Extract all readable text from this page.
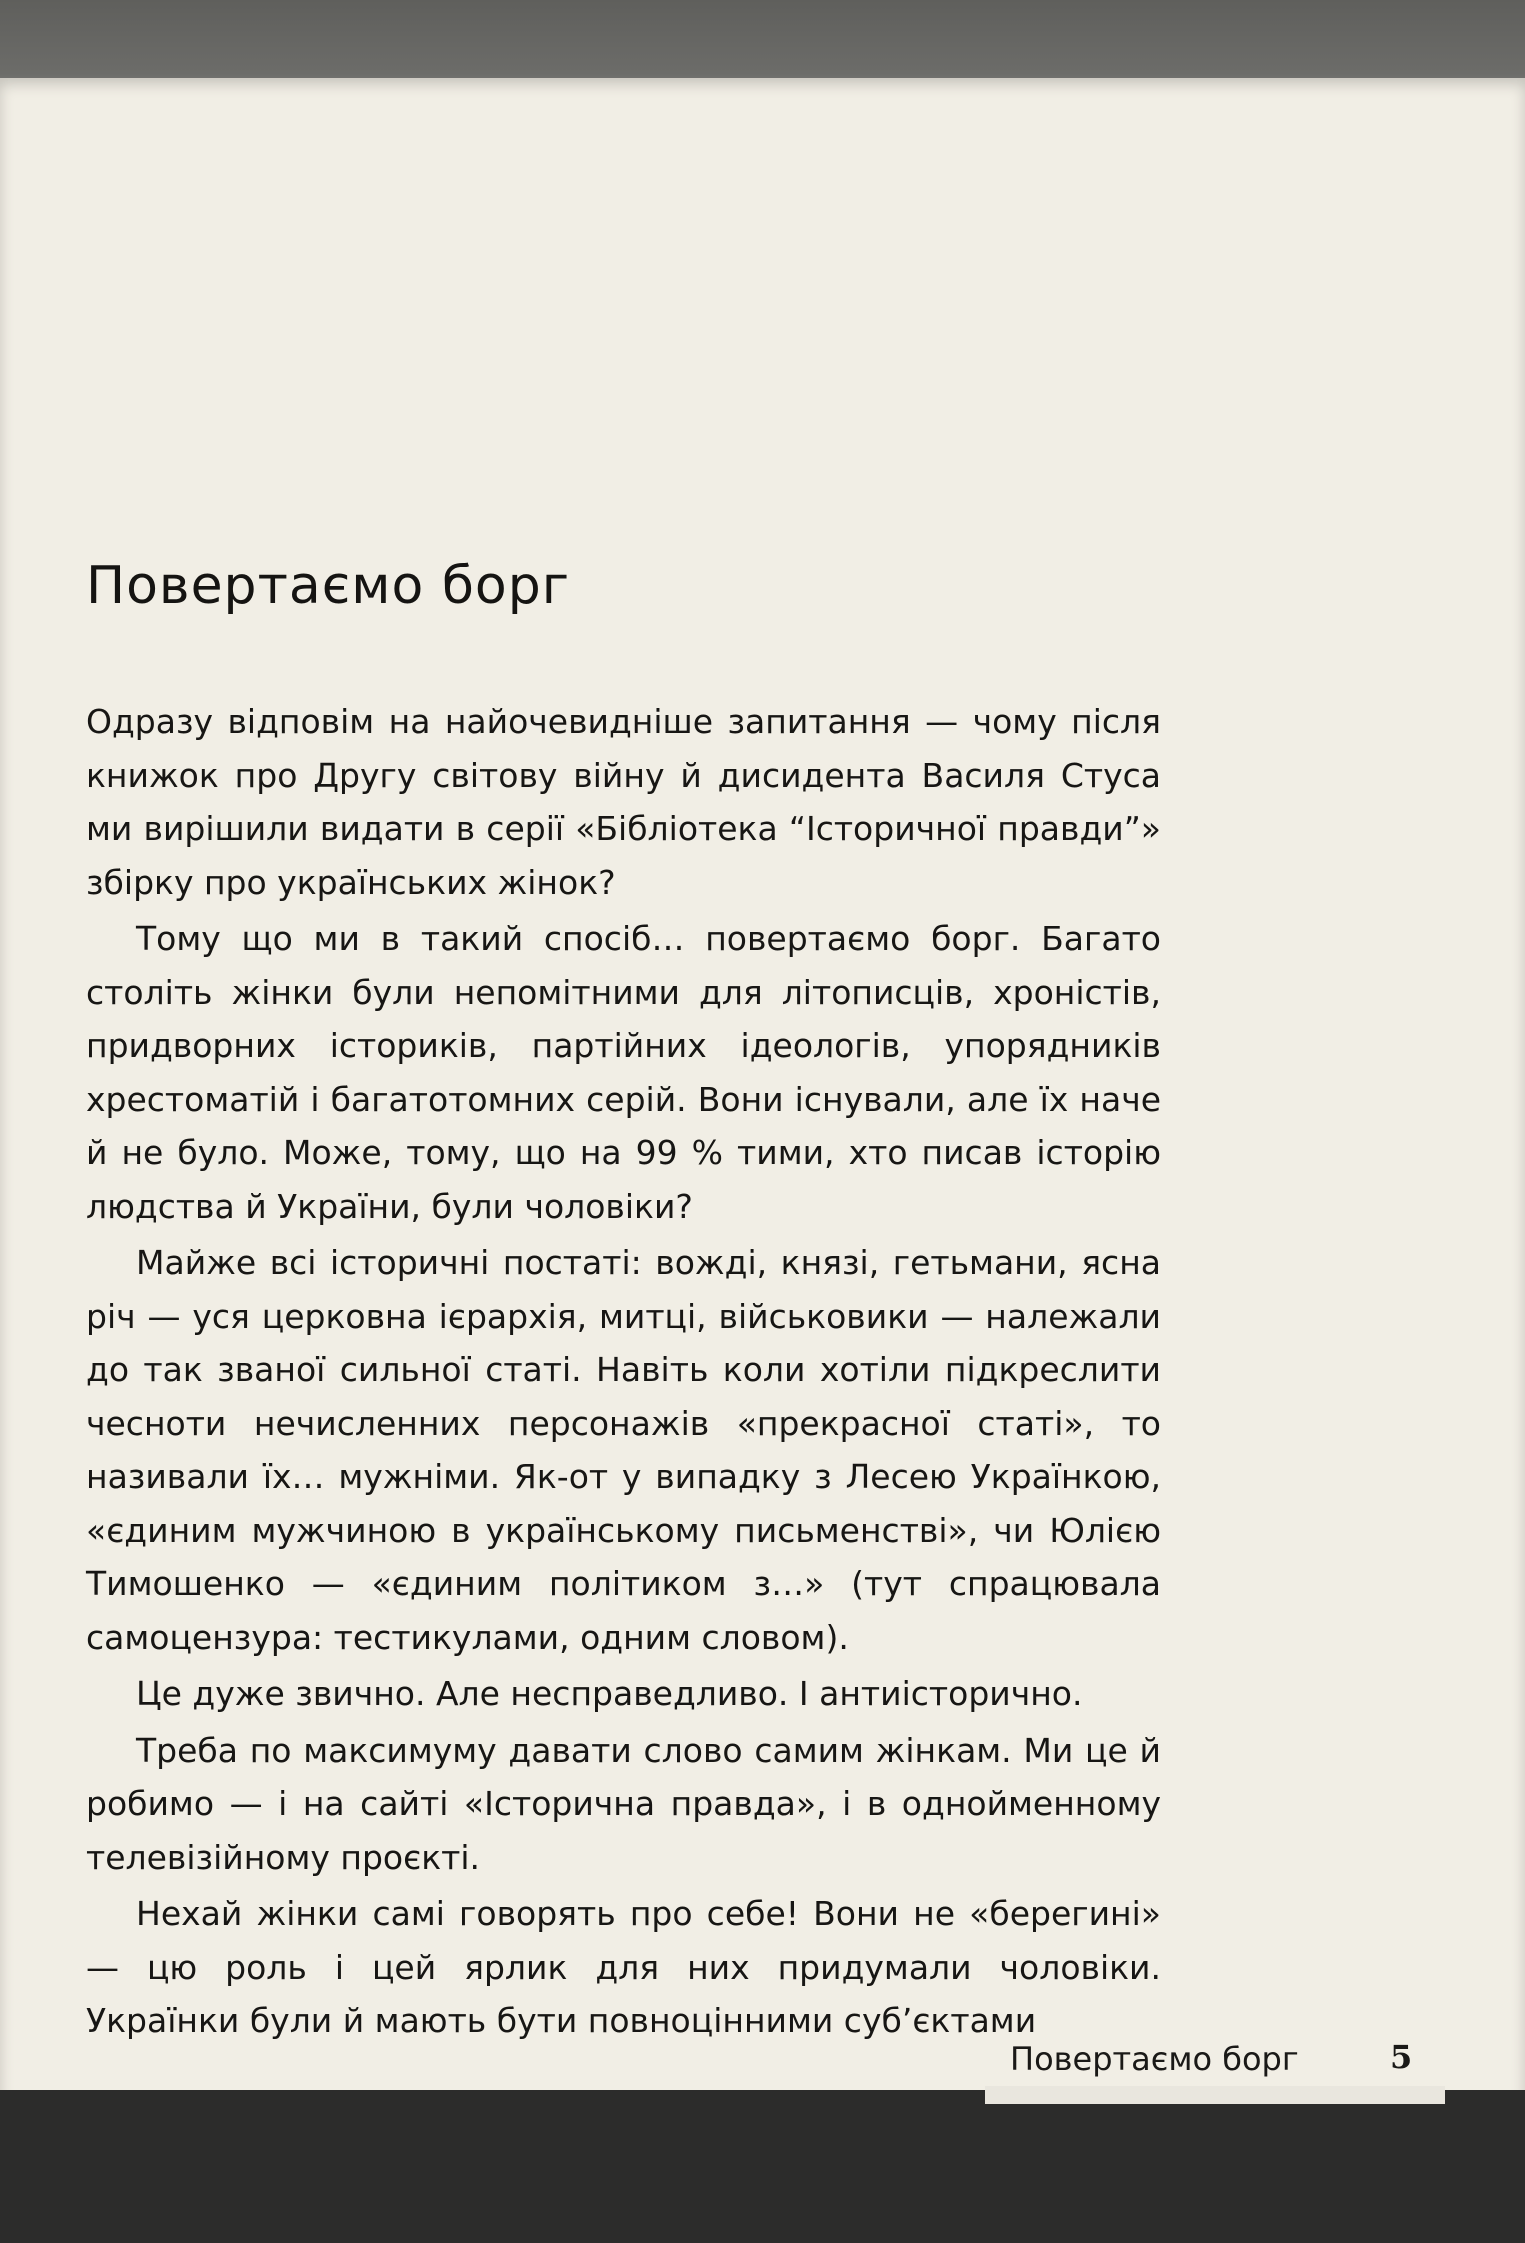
Повертаємо борг

Одразу відповім на найочевидніше запитання — чому після книжок про Другу світову війну й дисидента Василя Стуса ми вирішили видати в серії «Бібліотека “Історичної правди”» збірку про українських жінок?

Тому що ми в такий спосіб… повертаємо борг. Багато століть жінки були непомітними для літописців, хроністів, придворних істориків, партійних ідеологів, упорядників хрестоматій і багатотомних серій. Вони існували, але їх наче й не було. Може, тому, що на 99 % тими, хто писав історію людства й України, були чоловіки?

Майже всі історичні постаті: вожді, князі, гетьмани, ясна річ — уся церковна ієрархія, митці, військовики — належали до так званої сильної статі. Навіть коли хотіли підкреслити чесноти нечисленних персонажів «прекрасної статі», то називали їх… мужніми. Як-от у випадку з Лесею Українкою, «єдиним мужчиною в українському письменстві», чи Юлією Тимошенко — «єдиним політиком з…» (тут спрацювала самоцензура: тестикулами, одним словом).

Це дуже звично. Але несправедливо. І антиісторично.

Треба по максимуму давати слово самим жінкам. Ми це й робимо — і на сайті «Історична правда», і в однойменному телевізійному проєкті.

Нехай жінки самі говорять про себе! Вони не «берегині» — цю роль і цей ярлик для них придумали чоловіки. Українки були й мають бути повноцінними суб’єктами

Повертаємо борг	5
